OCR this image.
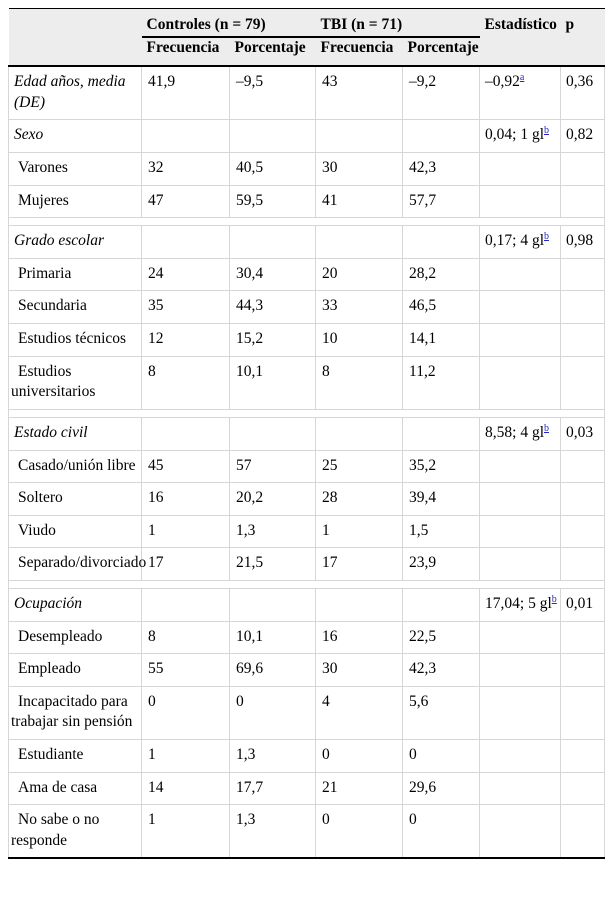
	Controles (n = 79)		TBI (n = 71)		Estadístico	p
	Frecuencia	Porcentaje	Frecuencia	Porcentaje		
Edad años, media (DE)	41,9	–9,5	43	–9,2	–0,92$^a$	0,36
Sexo					0,04; 1 gl$^b$	0,82
Varones	32	40,5	30	42,3		
Mujeres	47	59,5	41	57,7		

Grado escolar					0,17; 4 gl$^b$	0,98
Primaria	24	30,4	20	28,2		
Secundaria	35	44,3	33	46,5		
Estudios técnicos	12	15,2	10	14,1		
Estudios universitarios	8	10,1	8	11,2		

Estado civil					8,58; 4 gl$^b$	0,03
Casado/unión libre	45	57	25	35,2		
Soltero	16	20,2	28	39,4		
Viudo	1	1,3	1	1,5		
Separado/divorciado	17	21,5	17	23,9		

Ocupación					17,04; 5 gl$^b$	0,01
Desempleado	8	10,1	16	22,5		
Empleado	55	69,6	30	42,3		
Incapacitado para trabajar sin pensión	0	0	4	5,6		
Estudiante	1	1,3	0	0		
Ama de casa	14	17,7	21	29,6		
No sabe o no responde	1	1,3	0	0		
